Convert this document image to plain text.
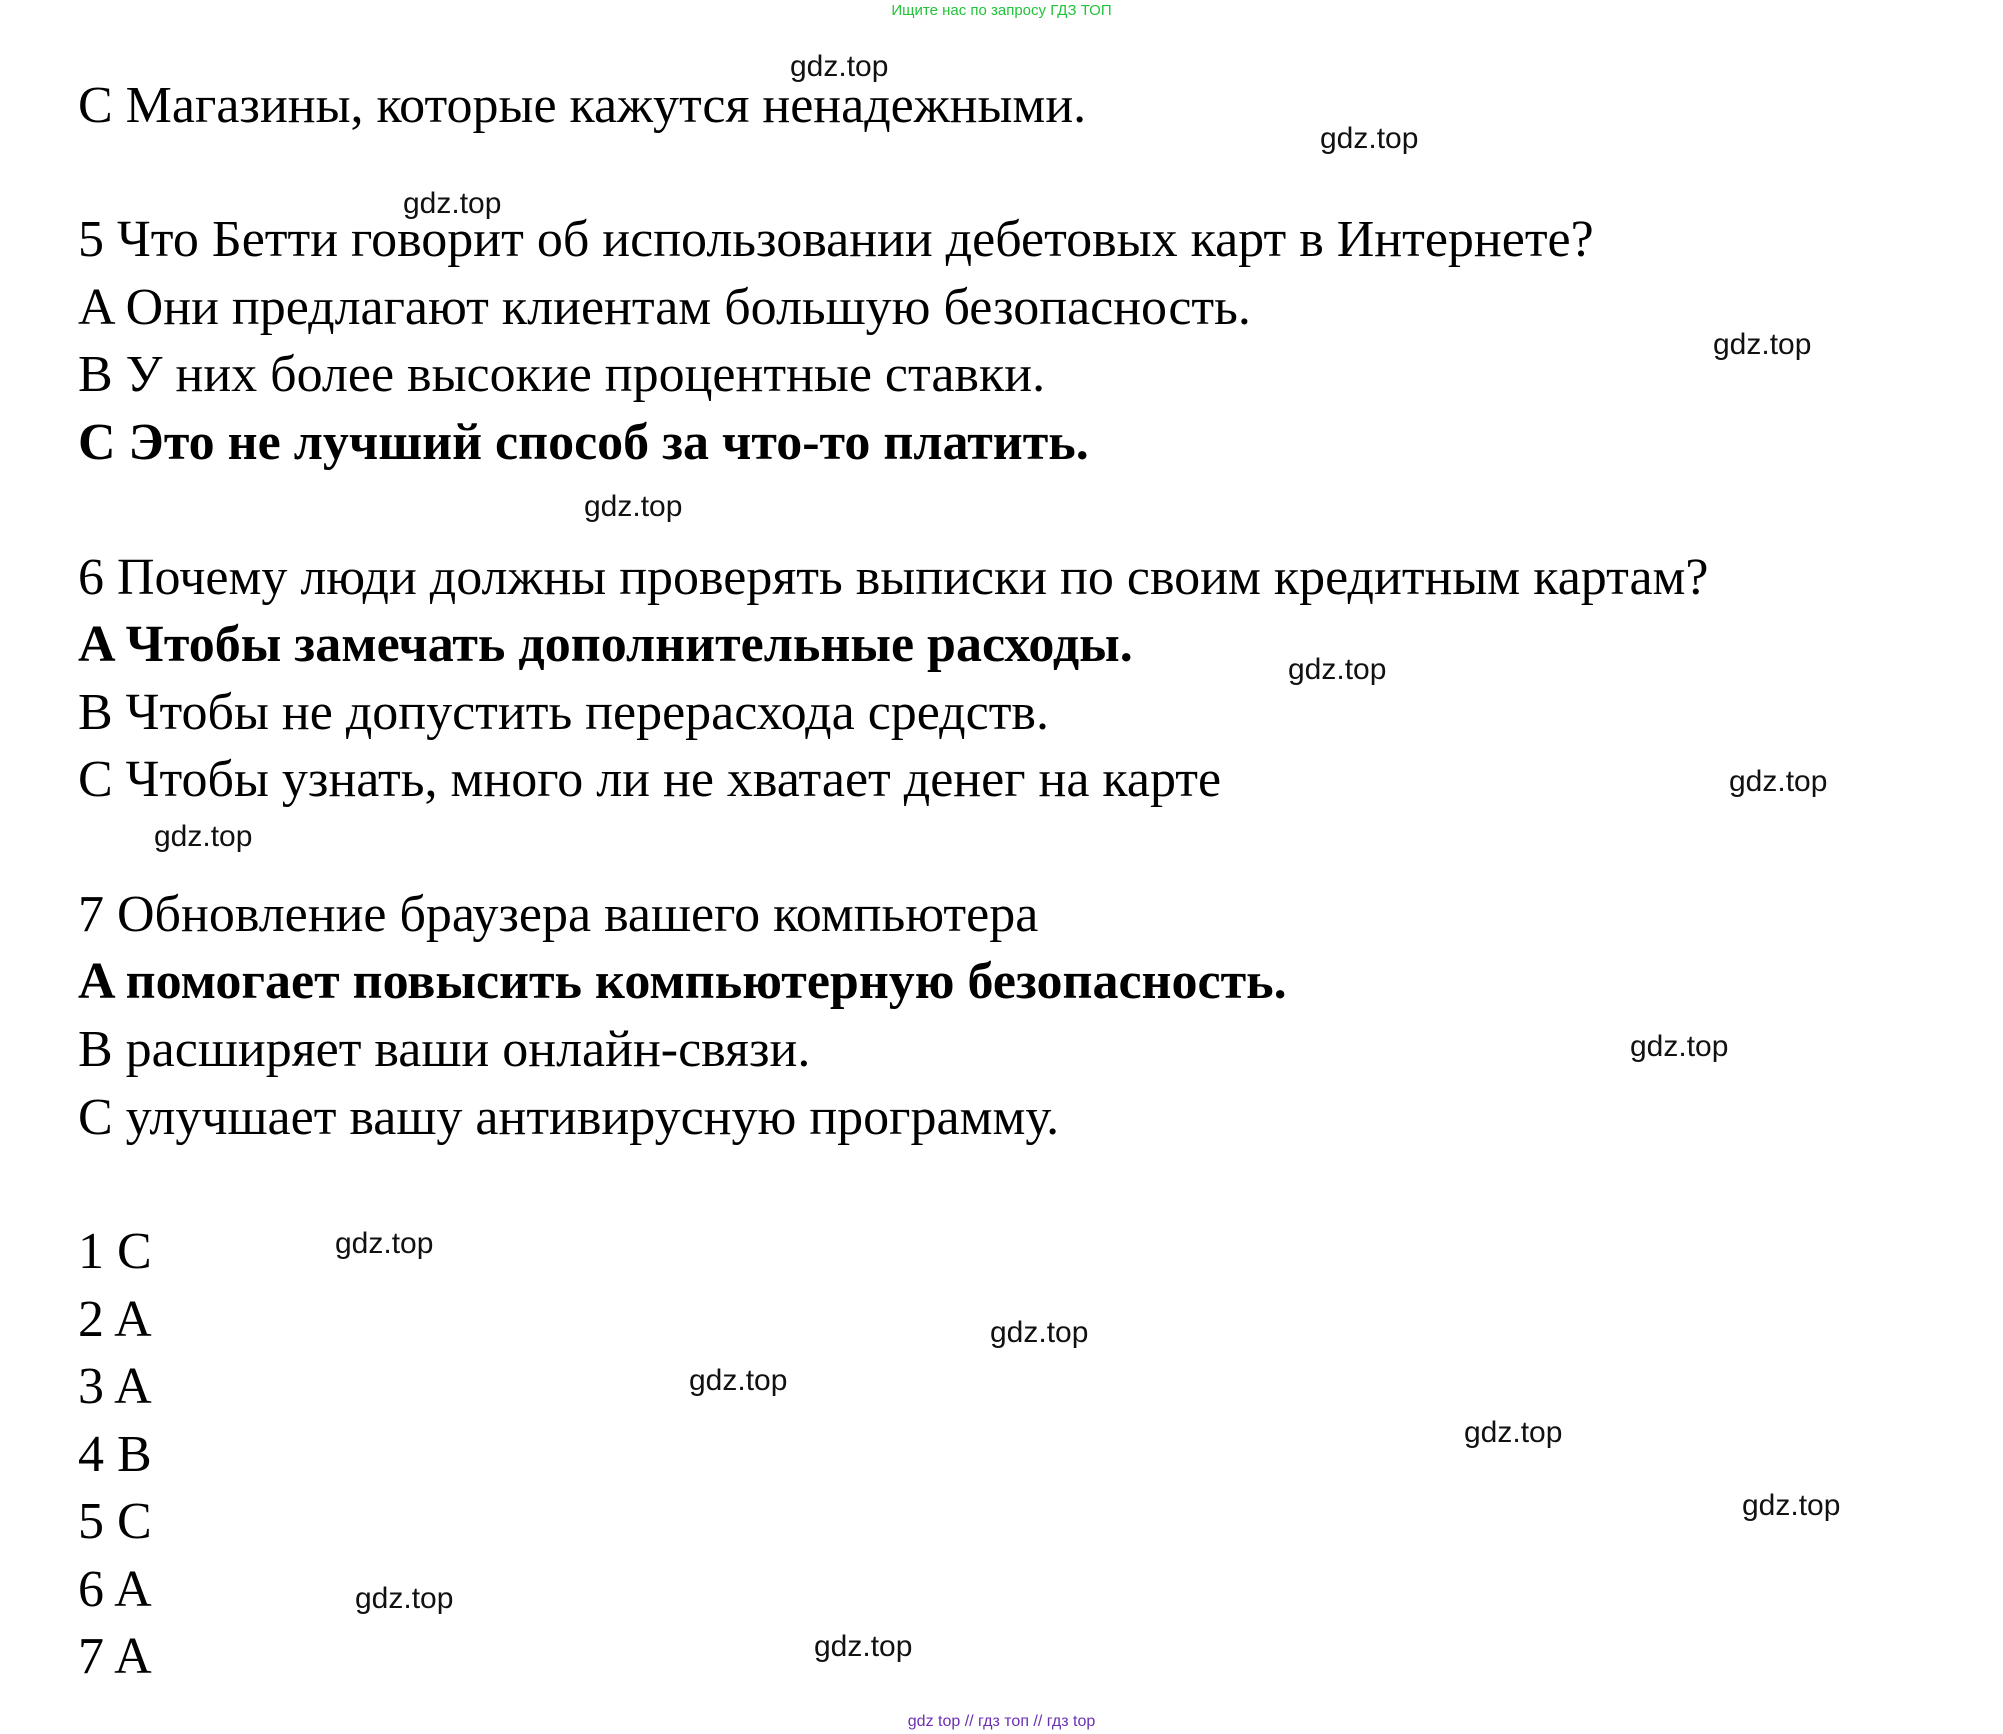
Ищите нас по запросу ГДЗ ТОП

С Магазины, которые кажутся ненадежными.

5 Что Бетти говорит об использовании дебетовых карт в Интернете?

A Они предлагают клиентам большую безопасность.

B У них более высокие процентные ставки.

С Это не лучший способ за что-то платить.

6 Почему люди должны проверять выписки по своим кредитным картам?

A Чтобы замечать дополнительные расходы.

B Чтобы не допустить перерасхода средств.

С Чтобы узнать, много ли не хватает денег на карте

7 Обновление браузера вашего компьютера

A помогает повысить компьютерную безопасность.

B расширяет ваши онлайн-связи.

С улучшает вашу антивирусную программу.

1 С

2 A

3 A

4 B

5 С

6 A

7 A

gdz.top
gdz.top
gdz.top
gdz.top
gdz.top
gdz.top
gdz.top
gdz.top
gdz.top
gdz.top
gdz.top
gdz.top
gdz.top
gdz.top
gdz.top
gdz.top
gdz top // гдз топ // гдз top
